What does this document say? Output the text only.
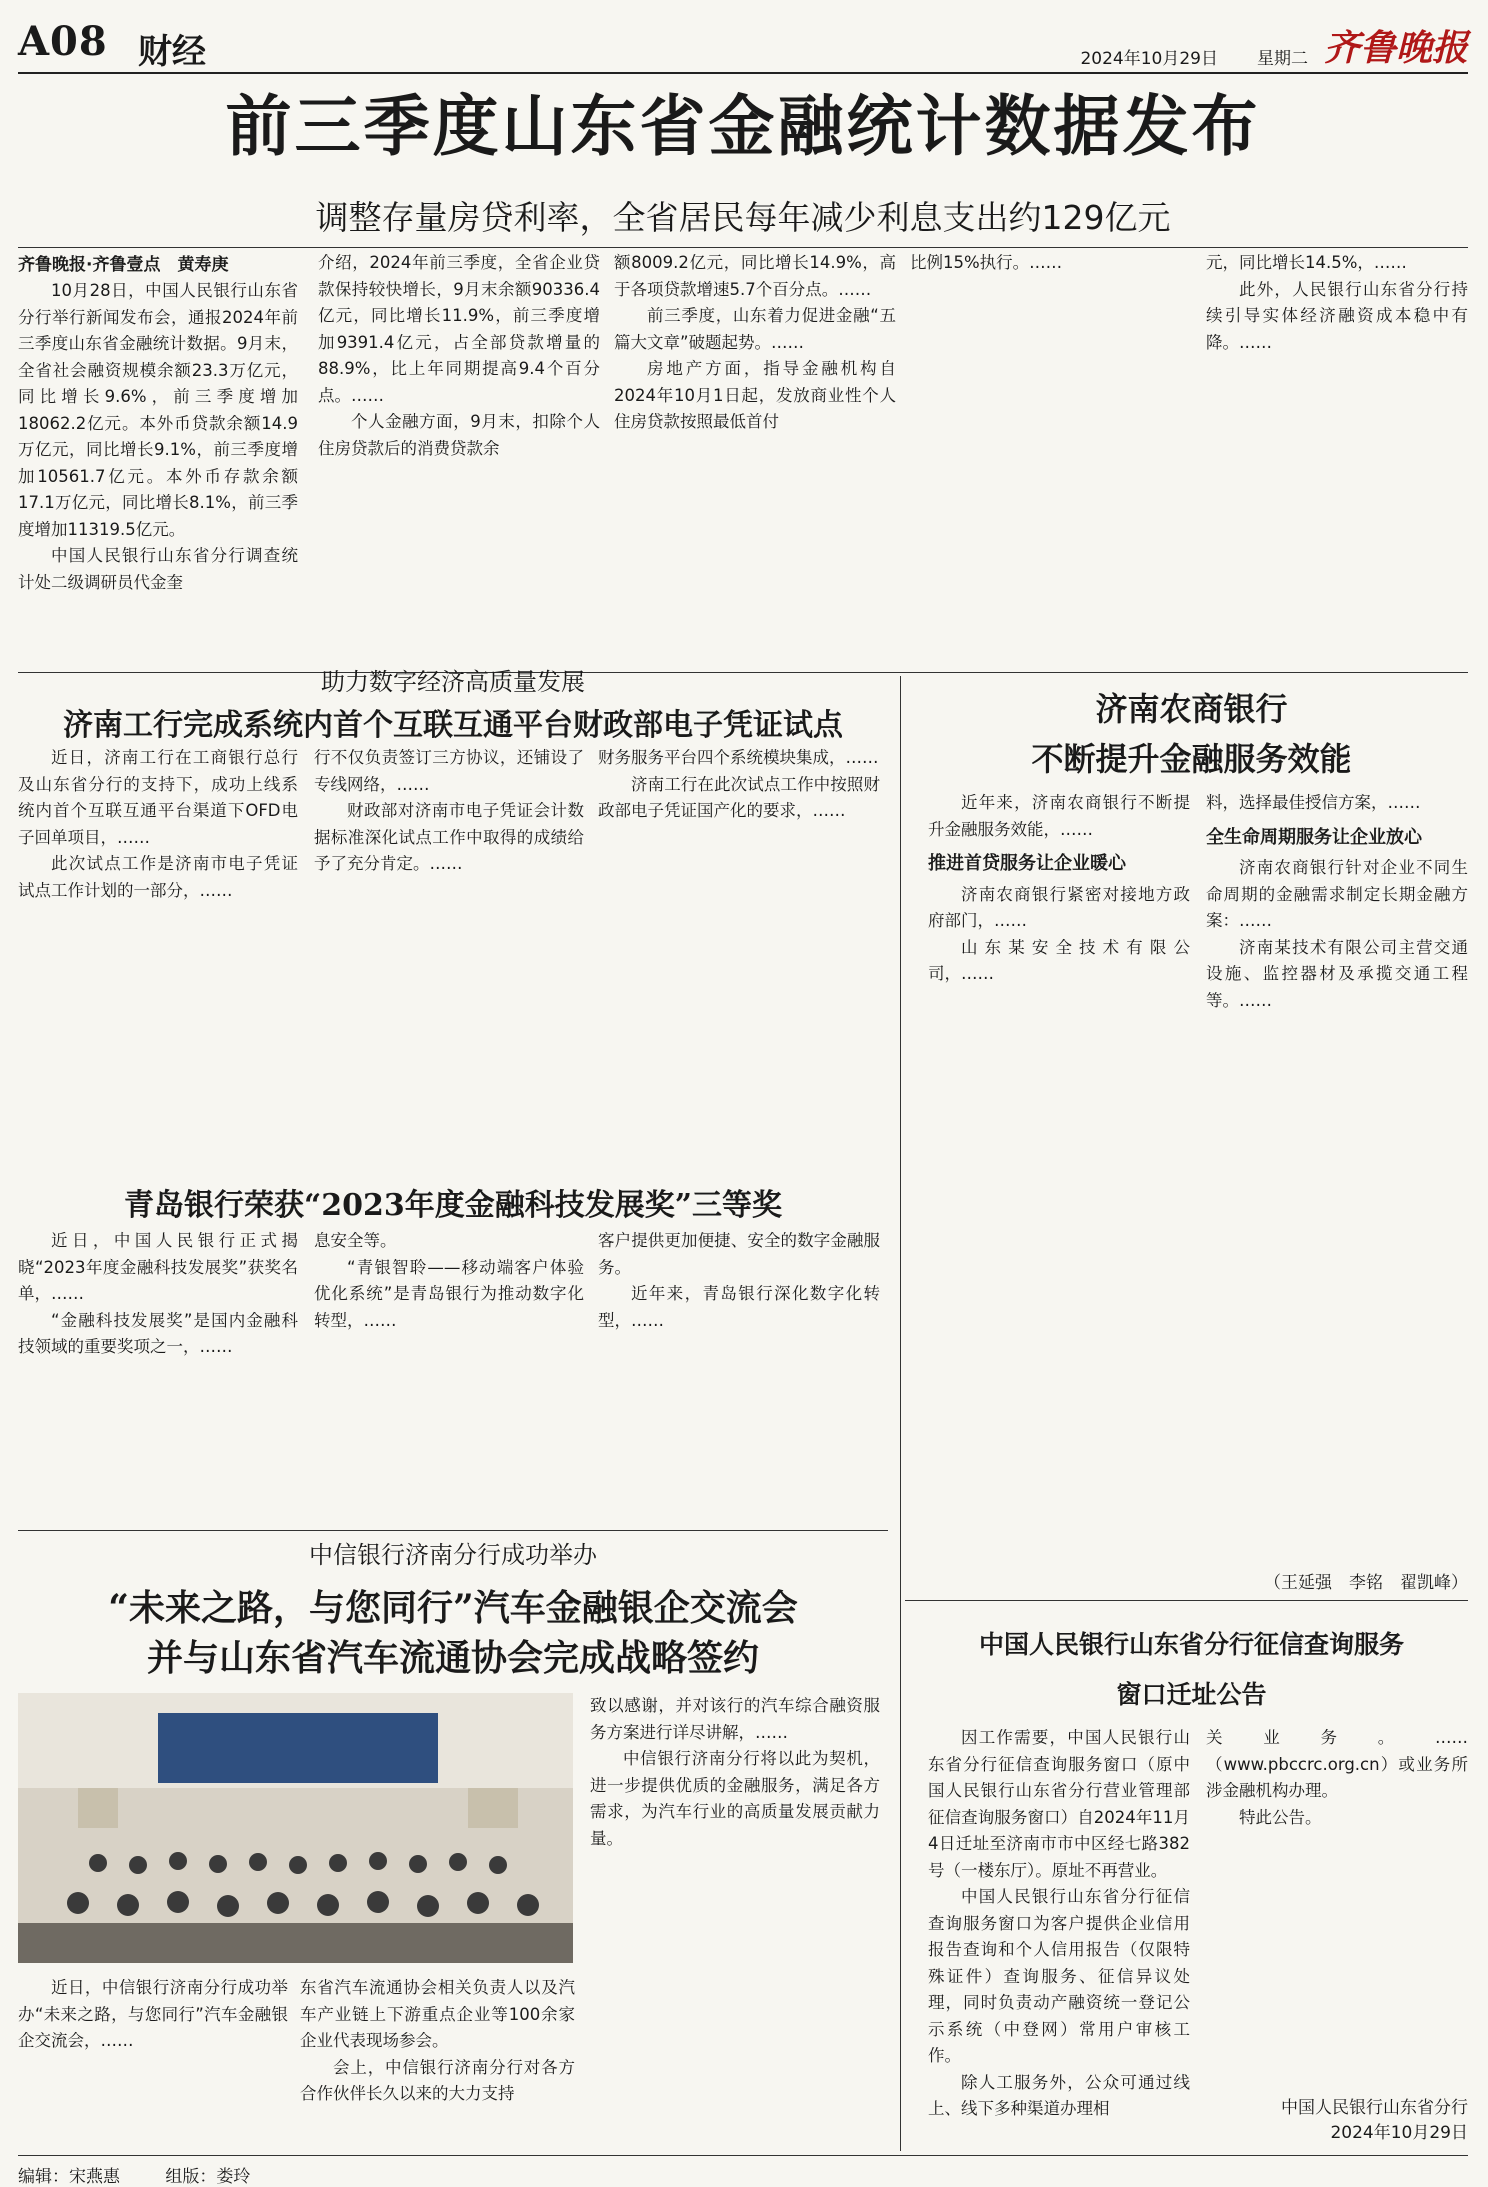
A08 财经	2024年10月29日 星期二 齐鲁晚报
前三季度山东省金融统计数据发布
调整存量房贷利率，全省居民每年减少利息支出约129亿元
齐鲁晚报·齐鲁壹点　黄寿庚

10月28日，中国人民银行山东省分行举行新闻发布会，通报2024年前三季度山东省金融统计数据。9月末，全省社会融资规模余额23.3万亿元，同比增长9.6%，前三季度增加18062.2亿元。本外币贷款余额14.9万亿元，同比增长9.1%，前三季度增加10561.7亿元。本外币存款余额17.1万亿元，同比增长8.1%，前三季度增加11319.5亿元。

中国人民银行山东省分行调查统计处二级调研员代金奎

介绍，2024年前三季度，全省企业贷款保持较快增长，9月末余额90336.4亿元，同比增长11.9%，前三季度增加9391.4亿元，占全部贷款增量的88.9%，比上年同期提高9.4个百分点。……

个人金融方面，9月末，扣除个人住房贷款后的消费贷款余

额8009.2亿元，同比增长14.9%，高于各项贷款增速5.7个百分点。……

前三季度，山东着力促进金融“五篇大文章”破题起势。……

房地产方面，指导金融机构自2024年10月1日起，发放商业性个人住房贷款按照最低首付

比例15%执行。……	元，同比增长14.5%，……

此外，人民银行山东省分行持续引导实体经济融资成本稳中有降。……

助力数字经济高质量发展
济南工行完成系统内首个互联互通平台财政部电子凭证试点

近日，济南工行在工商银行总行及山东省分行的支持下，成功上线系统内首个互联互通平台渠道下OFD电子回单项目，……

此次试点工作是济南市电子凭证试点工作计划的一部分，……

行不仅负责签订三方协议，还铺设了专线网络，……

财政部对济南市电子凭证会计数据标准深化试点工作中取得的成绩给予了充分肯定。……

财务服务平台四个系统模块集成，……

济南工行在此次试点工作中按照财政部电子凭证国产化的要求，……

青岛银行荣获“2023年度金融科技发展奖”三等奖

近日，中国人民银行正式揭晓“2023年度金融科技发展奖”获奖名单，……

“金融科技发展奖”是国内金融科技领域的重要奖项之一，……

息安全等。

“青银智聆——移动端客户体验优化系统”是青岛银行为推动数字化转型，……

客户提供更加便捷、安全的数字金融服务。

近年来，青岛银行深化数字化转型，……

中信银行济南分行成功举办
“未来之路，与您同行”汽车金融银企交流会
并与山东省汽车流通协会完成战略签约

致以感谢，并对该行的汽车综合融资服务方案进行详尽讲解，……

中信银行济南分行将以此为契机，进一步提供优质的金融服务，满足各方需求，为汽车行业的高质量发展贡献力量。

近日，中信银行济南分行成功举办“未来之路，与您同行”汽车金融银企交流会，……

东省汽车流通协会相关负责人以及汽车产业链上下游重点企业等100余家企业代表现场参会。

会上，中信银行济南分行对各方合作伙伴长久以来的大力支持

济南农商银行
不断提升金融服务效能

近年来，济南农商银行不断提升金融服务效能，……

推进首贷服务让企业暖心

济南农商银行紧密对接地方政府部门，……

山东某安全技术有限公司，……

料，选择最佳授信方案，……

全生命周期服务让企业放心

济南农商银行针对企业不同生命周期的金融需求制定长期金融方案：……

济南某技术有限公司主营交通设施、监控器材及承揽交通工程等。……

（王延强　李铭　翟凯峰）
中国人民银行山东省分行征信查询服务
窗口迁址公告

因工作需要，中国人民银行山东省分行征信查询服务窗口（原中国人民银行山东省分行营业管理部征信查询服务窗口）自2024年11月4日迁址至济南市市中区经七路382号（一楼东厅）。原址不再营业。

中国人民银行山东省分行征信查询服务窗口为客户提供企业信用报告查询和个人信用报告（仅限特殊证件）查询服务、征信异议处理，同时负责动产融资统一登记公示系统（中登网）常用户审核工作。

除人工服务外，公众可通过线上、线下多种渠道办理相

关业务。……（www.pbccrc.org.cn）或业务所涉金融机构办理。

特此公告。

中国人民银行山东省分行
2024年10月29日
编辑：宋燕惠	组版：娄玲
